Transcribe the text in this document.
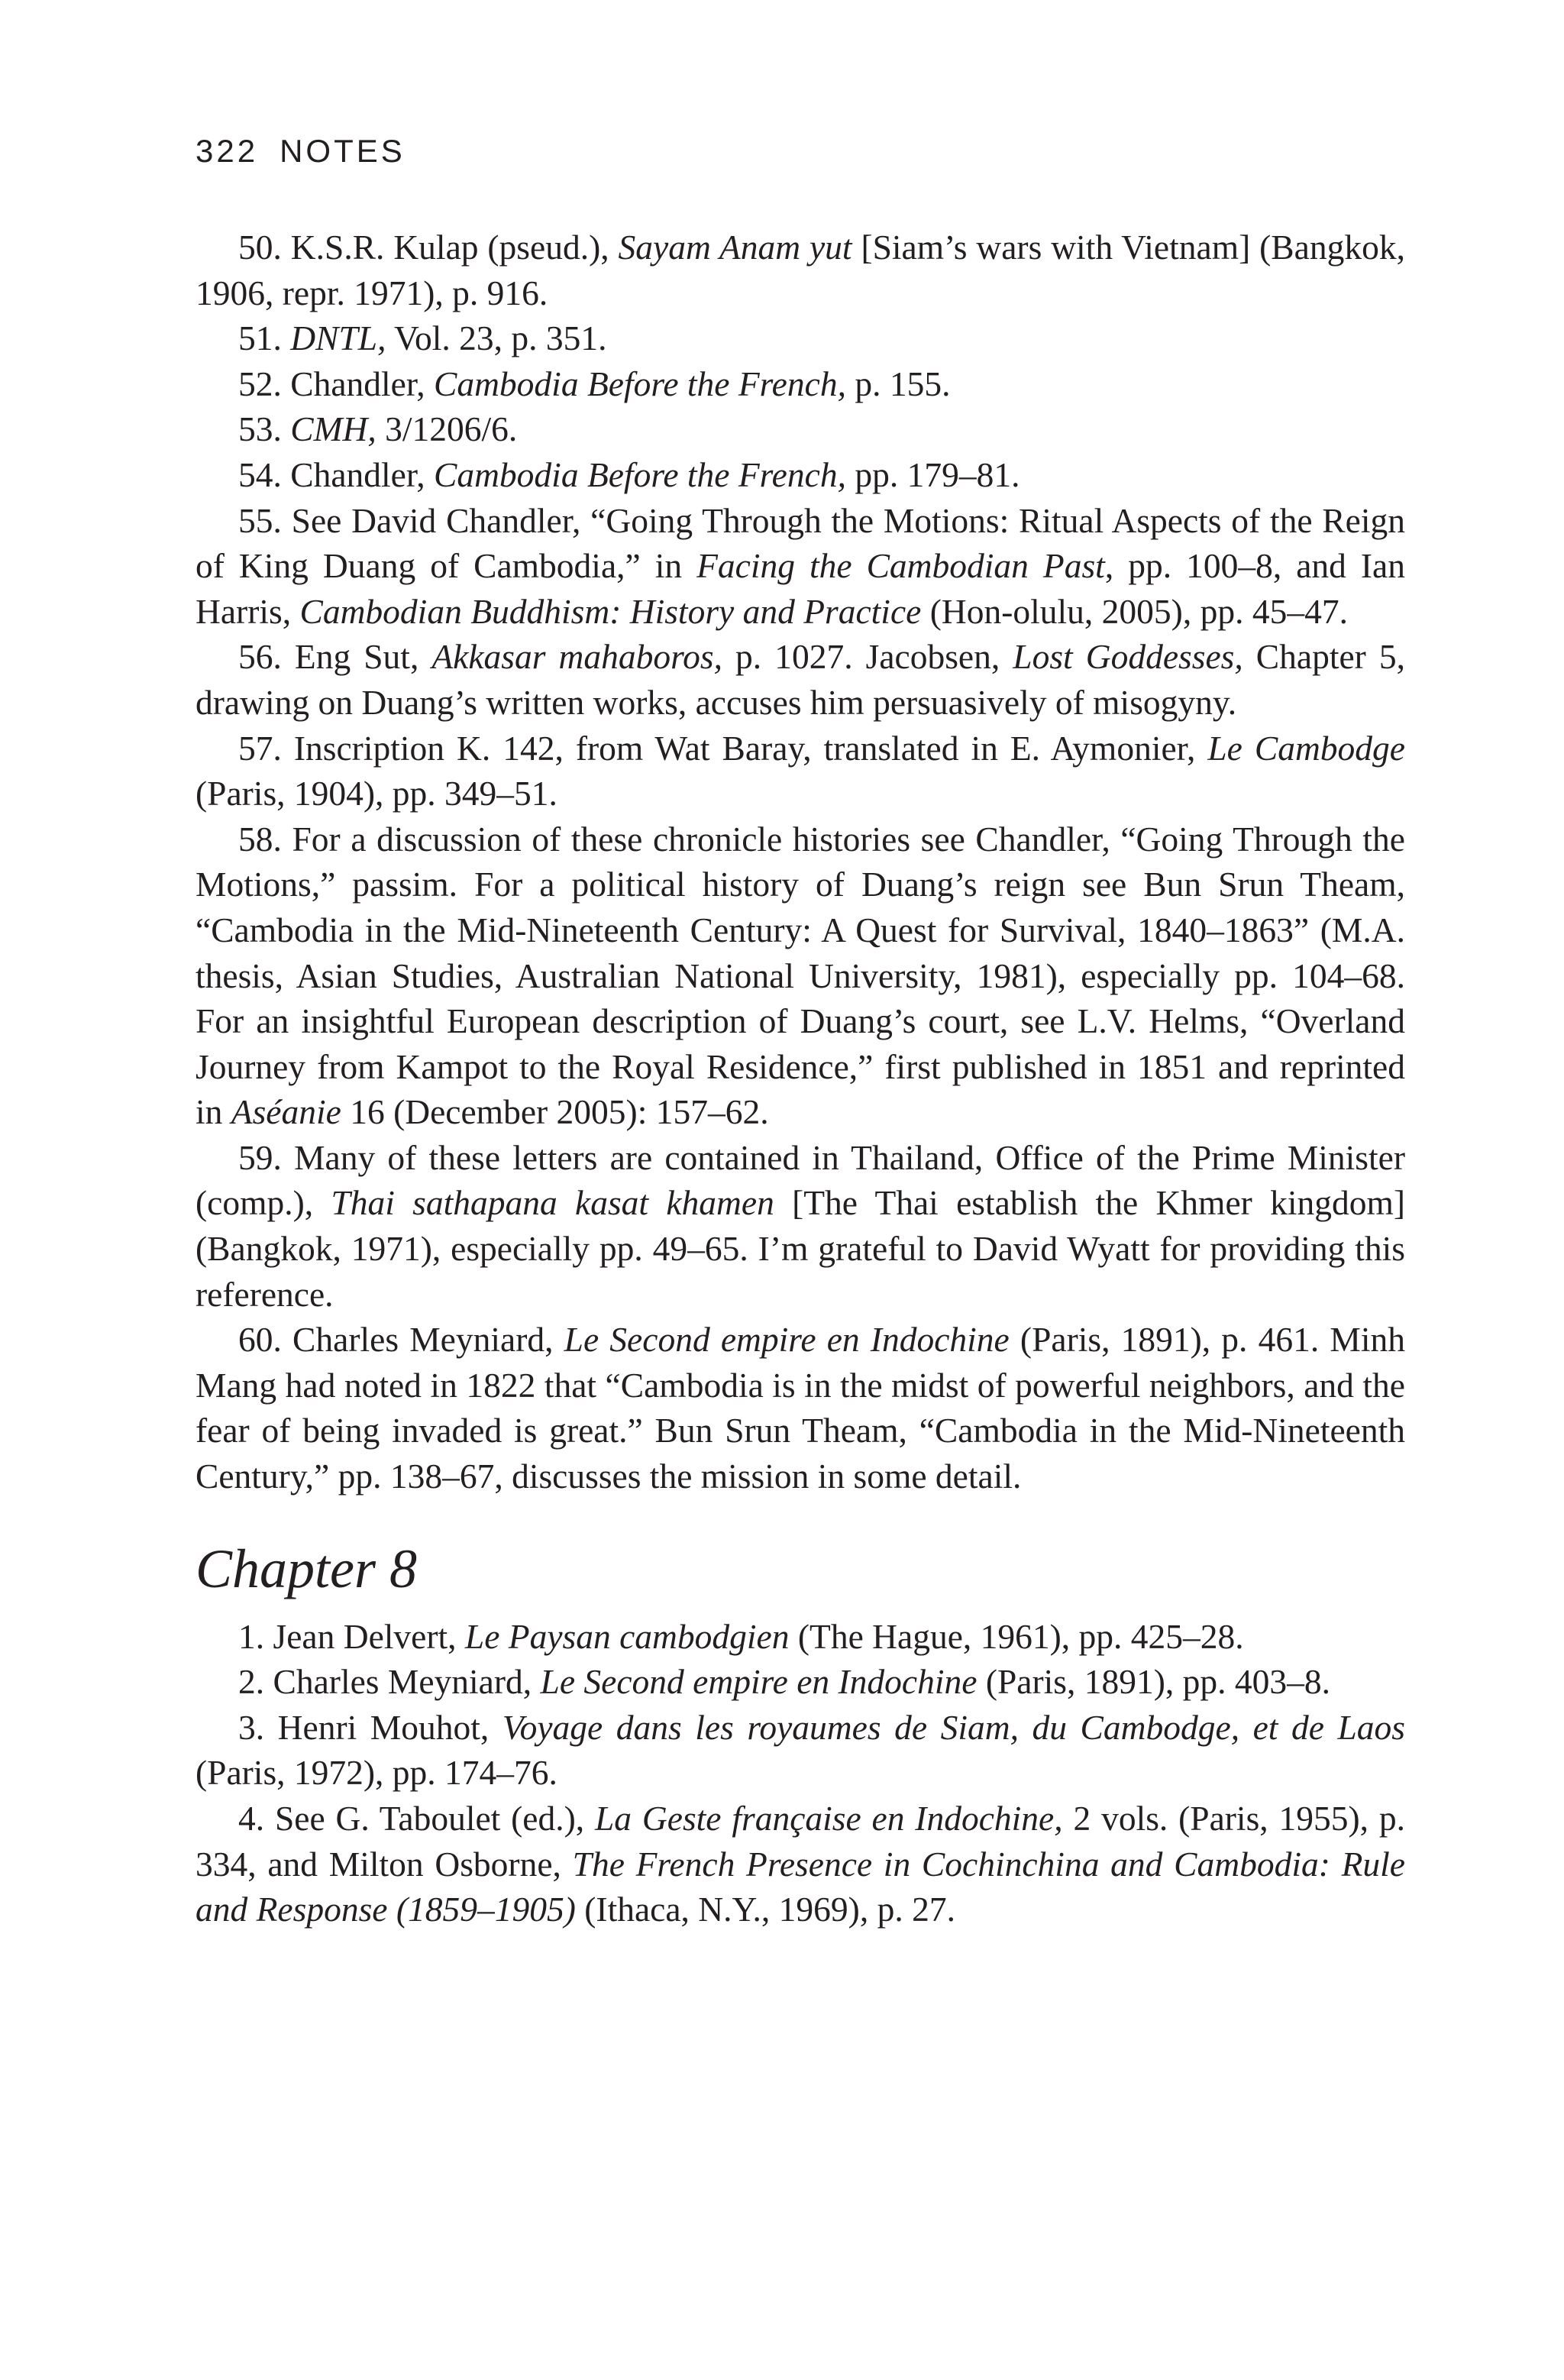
322 NOTES

50. K.S.R. Kulap (pseud.), Sayam Anam yut [Siam’s wars with Vietnam] (Bangkok, 1906, repr. 1971), p. 916.

51. DNTL, Vol. 23, p. 351.

52. Chandler, Cambodia Before the French, p. 155.

53. CMH, 3/1206/6.

54. Chandler, Cambodia Before the French, pp. 179–81.

55. See David Chandler, “Going Through the Motions: Ritual Aspects of the Reign of King Duang of Cambodia,” in Facing the Cambodian Past, pp. 100–8, and Ian Harris, Cambodian Buddhism: History and Practice (Hon-olulu, 2005), pp. 45–47.

56. Eng Sut, Akkasar mahaboros, p. 1027. Jacobsen, Lost Goddesses, Chapter 5, drawing on Duang’s written works, accuses him persuasively of misogyny.

57. Inscription K. 142, from Wat Baray, translated in E. Aymonier, Le Cambodge (Paris, 1904), pp. 349–51.

58. For a discussion of these chronicle histories see Chandler, “Going Through the Motions,” passim. For a political history of Duang’s reign see Bun Srun Theam, “Cambodia in the Mid-Nineteenth Century: A Quest for Survival, 1840–1863” (M.A. thesis, Asian Studies, Australian National University, 1981), especially pp. 104–68. For an insightful European description of Duang’s court, see L.V. Helms, “Overland Journey from Kampot to the Royal Residence,” first published in 1851 and reprinted in Aséanie 16 (December 2005): 157–62.

59. Many of these letters are contained in Thailand, Office of the Prime Minister (comp.), Thai sathapana kasat khamen [The Thai establish the Khmer kingdom] (Bangkok, 1971), especially pp. 49–65. I’m grateful to David Wyatt for providing this reference.

60. Charles Meyniard, Le Second empire en Indochine (Paris, 1891), p. 461. Minh Mang had noted in 1822 that “Cambodia is in the midst of powerful neighbors, and the fear of being invaded is great.” Bun Srun Theam, “Cambodia in the Mid-Nineteenth Century,” pp. 138–67, discusses the mission in some detail.

Chapter 8

1. Jean Delvert, Le Paysan cambodgien (The Hague, 1961), pp. 425–28.

2. Charles Meyniard, Le Second empire en Indochine (Paris, 1891), pp. 403–8.

3. Henri Mouhot, Voyage dans les royaumes de Siam, du Cambodge, et de Laos (Paris, 1972), pp. 174–76.

4. See G. Taboulet (ed.), La Geste française en Indochine, 2 vols. (Paris, 1955), p. 334, and Milton Osborne, The French Presence in Cochinchina and Cambodia: Rule and Response (1859–1905) (Ithaca, N.Y., 1969), p. 27.
